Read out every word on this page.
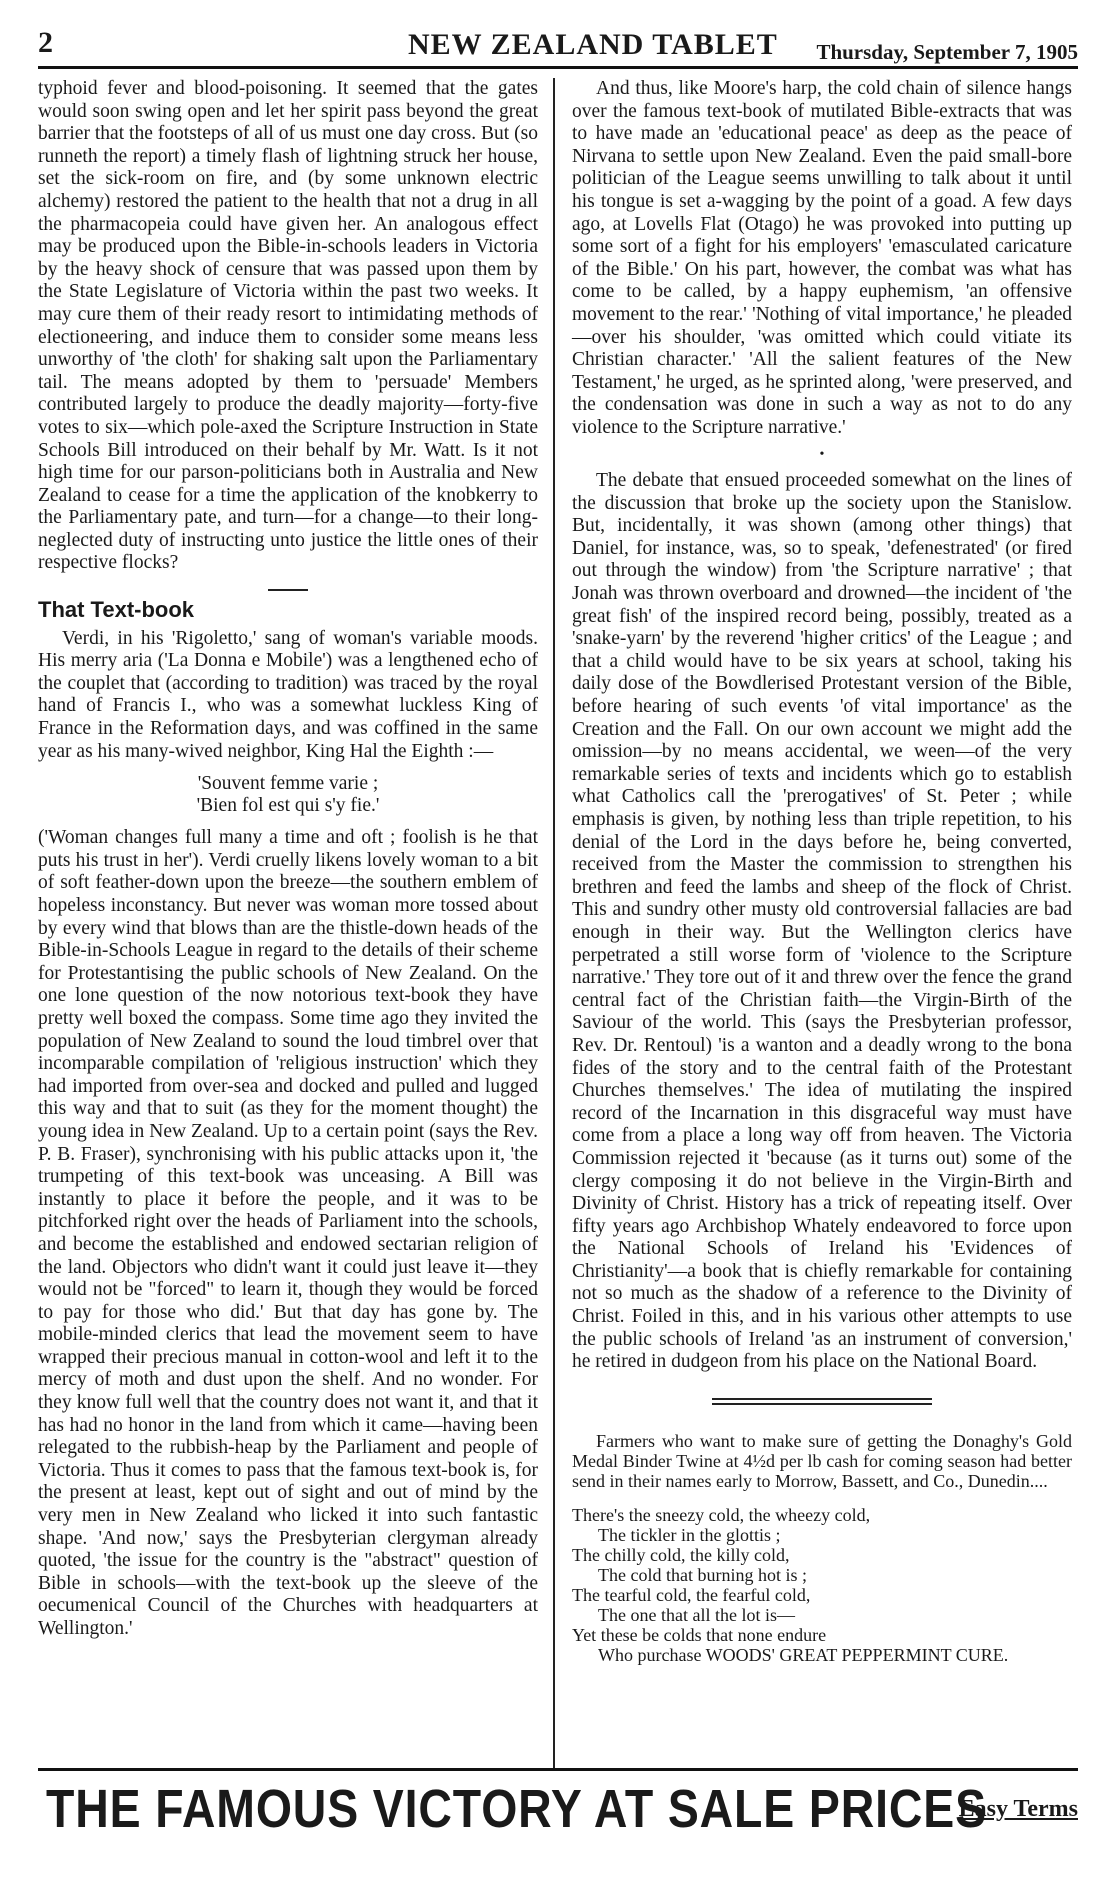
2	NEW ZEALAND TABLET Thursday, September 7, 1905

typhoid fever and blood-poisoning. It seemed that the gates would soon swing open and let her spirit pass beyond the great barrier that the footsteps of all of us must one day cross. But (so runneth the report) a timely flash of lightning struck her house, set the sick-room on fire, and (by some unknown electric alchemy) restored the patient to the health that not a drug in all the pharmacopeia could have given her. An analogous effect may be produced upon the Bible-in-schools leaders in Victoria by the heavy shock of censure that was passed upon them by the State Legislature of Victoria within the past two weeks. It may cure them of their ready resort to intimidating methods of electioneering, and induce them to consider some means less unworthy of 'the cloth' for shaking salt upon the Parliamentary tail. The means adopted by them to 'persuade' Members contributed largely to produce the deadly majority—forty-five votes to six—which pole-axed the Scripture Instruction in State Schools Bill introduced on their behalf by Mr. Watt. Is it not high time for our parson-politicians both in Australia and New Zealand to cease for a time the application of the knobkerry to the Parliamentary pate, and turn—for a change—to their long-neglected duty of instructing unto justice the little ones of their respective flocks?

That Text-book

Verdi, in his 'Rigoletto,' sang of woman's variable moods. His merry aria ('La Donna e Mobile') was a lengthened echo of the couplet that (according to tradition) was traced by the royal hand of Francis I., who was a somewhat luckless King of France in the Reformation days, and was coffined in the same year as his many-wived neighbor, King Hal the Eighth :—

'Souvent femme varie ;
'Bien fol est qui s'y fie.'

('Woman changes full many a time and oft ; foolish is he that puts his trust in her'). Verdi cruelly likens lovely woman to a bit of soft feather-down upon the breeze—the southern emblem of hopeless inconstancy. But never was woman more tossed about by every wind that blows than are the thistle-down heads of the Bible-in-Schools League in regard to the details of their scheme for Protestantising the public schools of New Zealand. On the one lone question of the now notorious text-book they have pretty well boxed the compass. Some time ago they invited the population of New Zealand to sound the loud timbrel over that incomparable compilation of 'religious instruction' which they had imported from over-sea and docked and pulled and lugged this way and that to suit (as they for the moment thought) the young idea in New Zealand. Up to a certain point (says the Rev. P. B. Fraser), synchronising with his public attacks upon it, 'the trumpeting of this text-book was unceasing. A Bill was instantly to place it before the people, and it was to be pitchforked right over the heads of Parliament into the schools, and become the established and endowed sectarian religion of the land. Objectors who didn't want it could just leave it—they would not be "forced" to learn it, though they would be forced to pay for those who did.' But that day has gone by. The mobile-minded clerics that lead the movement seem to have wrapped their precious manual in cotton-wool and left it to the mercy of moth and dust upon the shelf. And no wonder. For they know full well that the country does not want it, and that it has had no honor in the land from which it came—having been relegated to the rubbish-heap by the Parliament and people of Victoria. Thus it comes to pass that the famous text-book is, for the present at least, kept out of sight and out of mind by the very men in New Zealand who licked it into such fantastic shape. 'And now,' says the Presbyterian clergyman already quoted, 'the issue for the country is the "abstract" question of Bible in schools—with the text-book up the sleeve of the oecumenical Council of the Churches with headquarters at Wellington.'

And thus, like Moore's harp, the cold chain of silence hangs over the famous text-book of mutilated Bible-extracts that was to have made an 'educational peace' as deep as the peace of Nirvana to settle upon New Zealand. Even the paid small-bore politician of the League seems unwilling to talk about it until his tongue is set a-wagging by the point of a goad. A few days ago, at Lovells Flat (Otago) he was provoked into putting up some sort of a fight for his employers' 'emasculated caricature of the Bible.' On his part, however, the combat was what has come to be called, by a happy euphemism, 'an offensive movement to the rear.' 'Nothing of vital importance,' he pleaded—over his shoulder, 'was omitted which could vitiate its Christian character.' 'All the salient features of the New Testament,' he urged, as he sprinted along, 'were preserved, and the condensation was done in such a way as not to do any violence to the Scripture narrative.'

•

The debate that ensued proceeded somewhat on the lines of the discussion that broke up the society upon the Stanislow. But, incidentally, it was shown (among other things) that Daniel, for instance, was, so to speak, 'defenestrated' (or fired out through the window) from 'the Scripture narrative' ; that Jonah was thrown overboard and drowned—the incident of 'the great fish' of the inspired record being, possibly, treated as a 'snake-yarn' by the reverend 'higher critics' of the League ; and that a child would have to be six years at school, taking his daily dose of the Bowdlerised Protestant version of the Bible, before hearing of such events 'of vital importance' as the Creation and the Fall. On our own account we might add the omission—by no means accidental, we ween—of the very remarkable series of texts and incidents which go to establish what Catholics call the 'prerogatives' of St. Peter ; while emphasis is given, by nothing less than triple repetition, to his denial of the Lord in the days before he, being converted, received from the Master the commission to strengthen his brethren and feed the lambs and sheep of the flock of Christ. This and sundry other musty old controversial fallacies are bad enough in their way. But the Wellington clerics have perpetrated a still worse form of 'violence to the Scripture narrative.' They tore out of it and threw over the fence the grand central fact of the Christian faith—the Virgin-Birth of the Saviour of the world. This (says the Presbyterian professor, Rev. Dr. Rentoul) 'is a wanton and a deadly wrong to the bona fides of the story and to the central faith of the Protestant Churches themselves.' The idea of mutilating the inspired record of the Incarnation in this disgraceful way must have come from a place a long way off from heaven. The Victoria Commission rejected it 'because (as it turns out) some of the clergy composing it do not believe in the Virgin-Birth and Divinity of Christ. History has a trick of repeating itself. Over fifty years ago Archbishop Whately endeavored to force upon the National Schools of Ireland his 'Evidences of Christianity'—a book that is chiefly remarkable for containing not so much as the shadow of a reference to the Divinity of Christ. Foiled in this, and in his various other attempts to use the public schools of Ireland 'as an instrument of conversion,' he retired in dudgeon from his place on the National Board.

Farmers who want to make sure of getting the Donaghy's Gold Medal Binder Twine at 4½d per lb cash for coming season had better send in their names early to Morrow, Bassett, and Co., Dunedin....

There's the sneezy cold, the wheezy cold,
The tickler in the glottis ;
The chilly cold, the killy cold,
The cold that burning hot is ;
The tearful cold, the fearful cold,
The one that all the lot is—
Yet these be colds that none endure
Who purchase WOODS' GREAT PEPPERMINT CURE.
THE FAMOUS VICTORY AT SALE PRICES
Easy Terms
